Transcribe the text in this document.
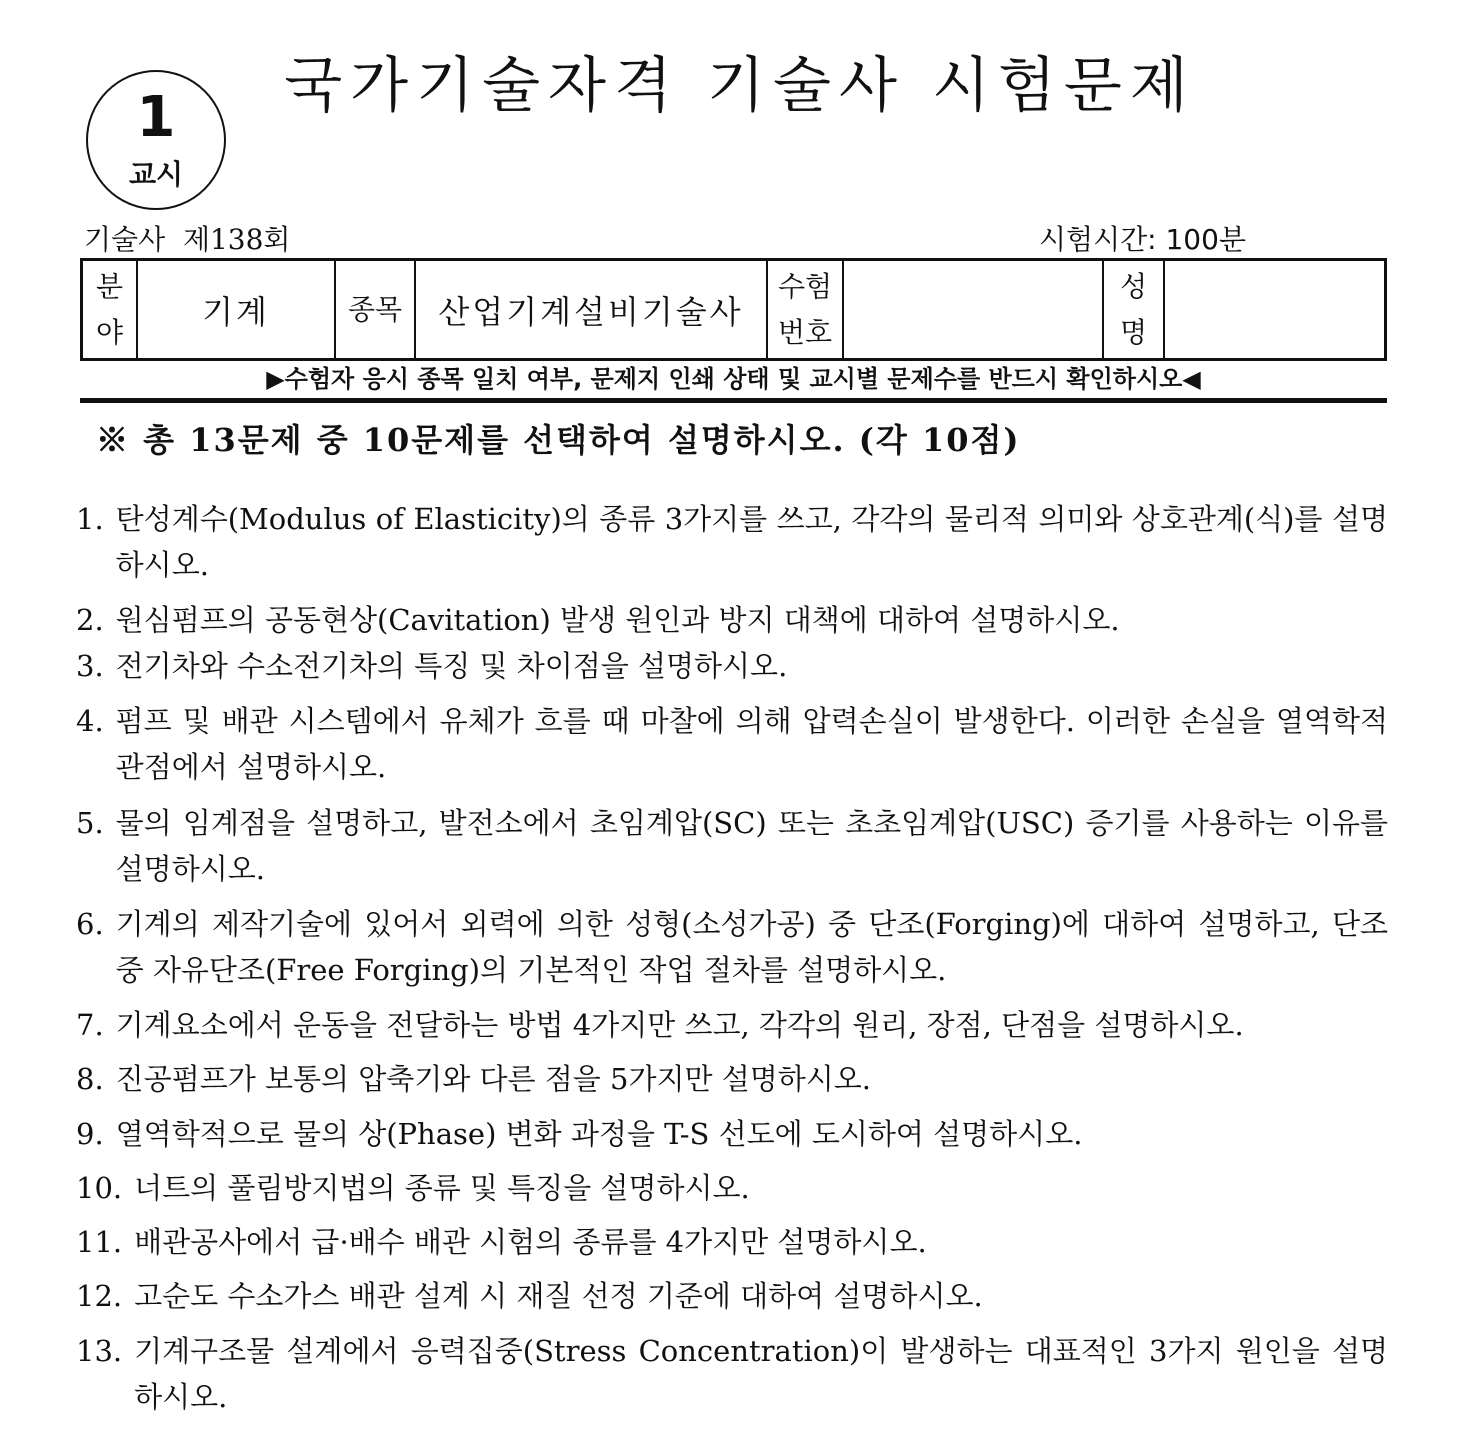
1
교시
국가기술자격 기술사 시험문제
기술사  제138회	시험시간: 100분
분
야
기계	종목 산업기계설비기술사
수험
번호
성
명
▶수험자 응시 종목 일치 여부, 문제지 인쇄 상태 및 교시별 문제수를 반드시 확인하시오◀
※ 총 13문제 중 10문제를 선택하여 설명하시오. (각 10점)
1. 탄성계수(Modulus of Elasticity)의 종류 3가지를 쓰고, 각각의 물리적 의미와 상호관계(식)를 설명하시오.
2. 원심펌프의 공동현상(Cavitation) 발생 원인과 방지 대책에 대하여 설명하시오.
3. 전기차와 수소전기차의 특징 및 차이점을 설명하시오.
4. 펌프 및 배관 시스템에서 유체가 흐를 때 마찰에 의해 압력손실이 발생한다. 이러한 손실을 열역학적 관점에서 설명하시오.
5. 물의 임계점을 설명하고, 발전소에서 초임계압(SC) 또는 초초임계압(USC) 증기를 사용하는 이유를 설명하시오.
6. 기계의 제작기술에 있어서 외력에 의한 성형(소성가공) 중 단조(Forging)에 대하여 설명하고, 단조 중 자유단조(Free Forging)의 기본적인 작업 절차를 설명하시오.
7. 기계요소에서 운동을 전달하는 방법 4가지만 쓰고, 각각의 원리, 장점, 단점을 설명하시오.
8. 진공펌프가 보통의 압축기와 다른 점을 5가지만 설명하시오.
9. 열역학적으로 물의 상(Phase) 변화 과정을 T-S 선도에 도시하여 설명하시오.
10. 너트의 풀림방지법의 종류 및 특징을 설명하시오.
11. 배관공사에서 급·배수 배관 시험의 종류를 4가지만 설명하시오.
12. 고순도 수소가스 배관 설계 시 재질 선정 기준에 대하여 설명하시오.
13. 기계구조물 설계에서 응력집중(Stress Concentration)이 발생하는 대표적인 3가지 원인을 설명하시오.
